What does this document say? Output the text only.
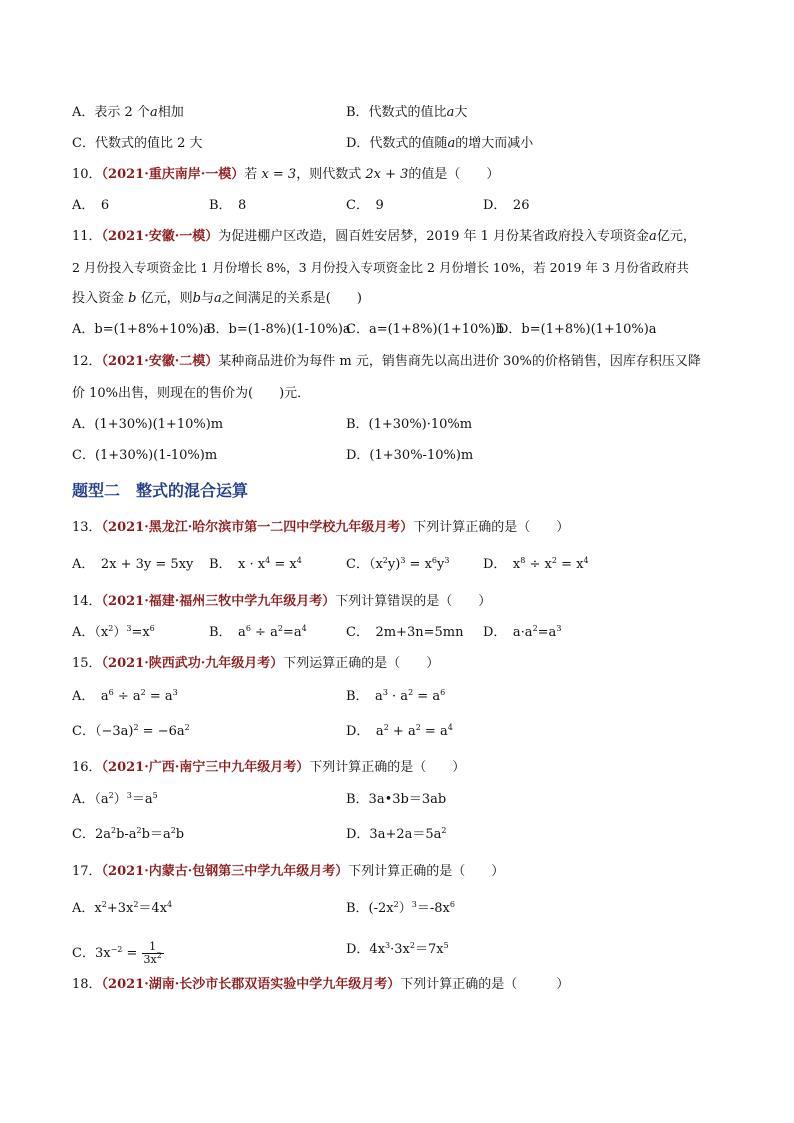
A．表示 2 个a相加	B．代数式的值比a大
C．代数式的值比 2 大	D．代数式的值随a的增大而减小
10．（2021·重庆南岸·一模）若 x = 3，则代数式 2x + 3的值是（　　）
A．　6	B．　8	C．　9	D．　26
11．（2021·安徽·一模）为促进棚户区改造，圆百姓安居梦，2019 年 1 月份某省政府投入专项资金a亿元，
2 月份投入专项资金比 1 月份增长 8%，3 月份投入专项资金比 2 月份增长 10%，若 2019 年 3 月份省政府共
投入资金 b 亿元，则b与a之间满足的关系是(　　)
A．b=(1+8%+10%)a
B．b=(1-8%)(1-10%)a
C．a=(1+8%)(1+10%)b
D．b=(1+8%)(1+10%)a
12．（2021·安徽·二模）某种商品进价为每件 m 元，销售商先以高出进价 30%的价格销售，因库存积压又降
价 10%出售，则现在的售价为(　　)元．
A．(1+30%)(1+10%)m	B．(1+30%)·10%m
C．(1+30%)(1-10%)m	D．(1+30%-10%)m
题型二　整式的混合运算
13．（2021·黑龙江·哈尔滨市第一二四中学校九年级月考）下列计算正确的是（　　）
A．　2x + 3y = 5xy B．　$x \cdot x^4 = x^4$	C．$(x^2y)^3 = x^6y^3$	D．　$x^8 \div x^2 = x^4$
14．（2021·福建·福州三牧中学九年级月考）下列计算错误的是（　　）
A．$(x^2)^3=x^6$	B．　$a^6 \div a^2=a^4$	C．　2m+3n=5mn D．　$a\cdot a^2=a^3$
15．（2021·陕西武功·九年级月考）下列运算正确的是（　　）
A．　$a^6 \div a^2 = a^3$	B．　$a^3 \cdot a^2 = a^6$
C．$(-3a)^2 = -6a^2$	D．　$a^2 + a^2 = a^4$
16．（2021·广西·南宁三中九年级月考）下列计算正确的是（　　）
A．$(a^2)^3=a^5$	B．3a•3b＝3ab
C．$2a^2b-a^2b=a^2b$	D．$3a+2a=5a^2$
17．（2021·内蒙古·包钢第三中学九年级月考）下列计算正确的是（　　）
A．$x^2+3x^2=4x^4$	B．$(-2x^2)^3=-8x^6$
C．$3x^{-2} = \frac{1}{3x^2}$	D．$4x^3\cdot 3x^2=7x^5$
18．（2021·湖南·长沙市长郡双语实验中学九年级月考）下列计算正确的是（　　　）
